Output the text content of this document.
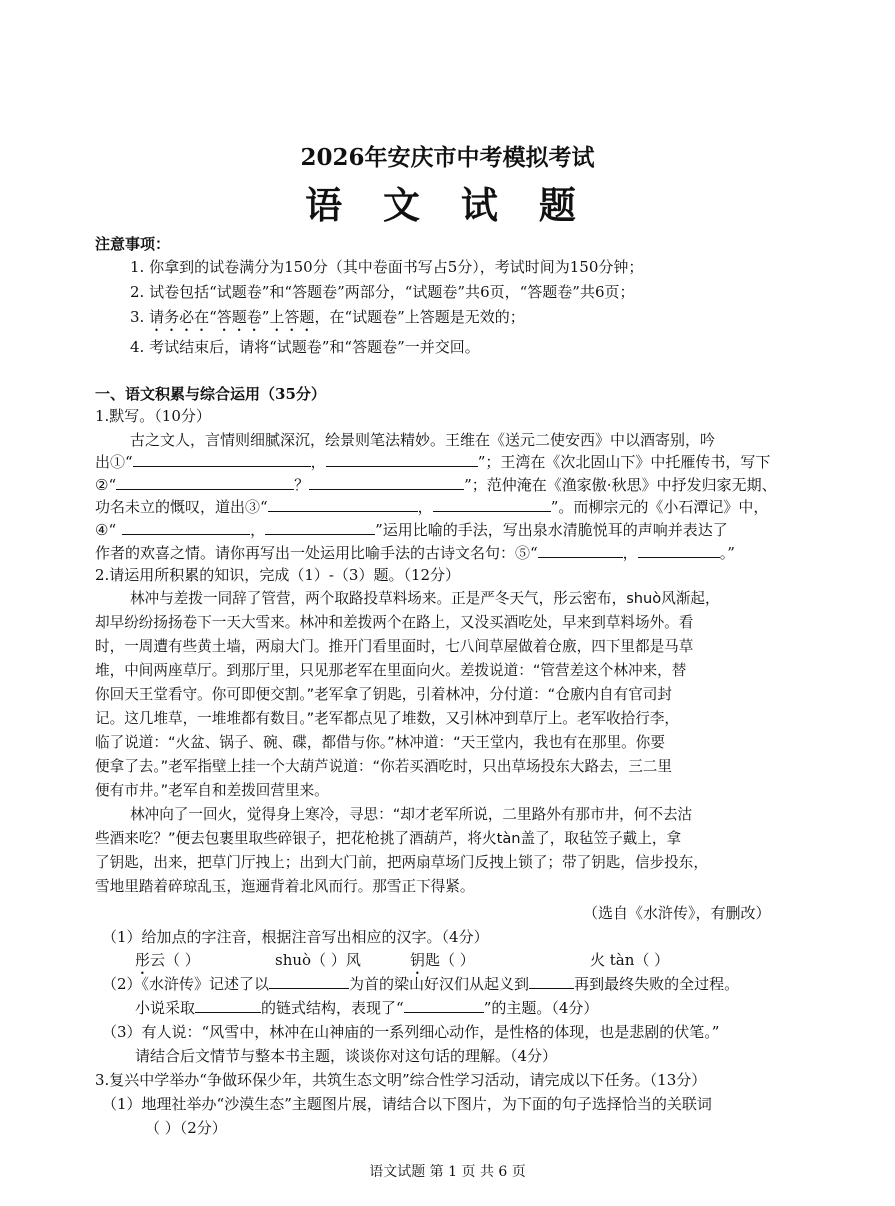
2026年安庆市中考模拟考试
语 文 试 题
注意事项：
1. 你拿到的试卷满分为150分（其中卷面书写占5分），考试时间为150分钟；
2. 试卷包括“试题卷”和“答题卷”两部分，“试题卷”共6页，“答题卷”共6页；
3. 请务必在“答题卷”上答题，在“试题卷”上答题是无效的；
4. 考试结束后，请将“试题卷”和“答题卷”一并交回。
一、语文积累与综合运用（35分）
1.默写。（10分）
古之文人，言情则细腻深沉，绘景则笔法精妙。王维在《送元二使安西》中以酒寄别，吟
出①“	，	”；王湾在《次北固山下》中托雁传书，写下
②“	？	”；范仲淹在《渔家傲·秋思》中抒发归家无期、
功名未立的慨叹，道出③“	，	”。而柳宗元的《小石潭记》中，
④“	，	”运用比喻的手法，写出泉水清脆悦耳的声响并表达了
作者的欢喜之情。请你再写出一处运用比喻手法的古诗文名句：⑤“	，	。”
2.请运用所积累的知识，完成（1）-（3）题。（12分）
林冲与差拨一同辞了管营，两个取路投草料场来。正是严冬天气，彤云密布，shuò风渐起，
却早纷纷扬扬卷下一天大雪来。林冲和差拨两个在路上，又没买酒吃处，早来到草料场外。看
时，一周遭有些黄土墙，两扇大门。推开门看里面时，七八间草屋做着仓廒，四下里都是马草
堆，中间两座草厅。到那厅里，只见那老军在里面向火。差拨说道：“管营差这个林冲来，替
你回天王堂看守。你可即便交割。”老军拿了钥匙，引着林冲，分付道：“仓廒内自有官司封
记。这几堆草，一堆堆都有数目。”老军都点见了堆数，又引林冲到草厅上。老军收拾行李，
临了说道：“火盆、锅子、碗、碟，都借与你。”林冲道：“天王堂内，我也有在那里。你要
便拿了去。”老军指壁上挂一个大葫芦说道：“你若买酒吃时，只出草场投东大路去，三二里
便有市井。”老军自和差拨回营里来。
林冲向了一回火，觉得身上寒冷，寻思：“却才老军所说，二里路外有那市井，何不去沽
些酒来吃？”便去包裹里取些碎银子，把花枪挑了酒葫芦，将火tàn盖了，取毡笠子戴上，拿
了钥匙，出来，把草门厅拽上；出到大门前，把两扇草场门反拽上锁了；带了钥匙，信步投东，
雪地里踏着碎琼乱玉，迤逦背着北风而行。那雪正下得紧。
（选自《水浒传》，有删改）
（1）给加点的字注音，根据注音写出相应的汉字。（4分）
彤云（ ）	shuò（ ）风	钥匙（ ）	火 tàn（ ）
（2）《水浒传》记述了以	为首的梁山好汉们从起义到	再到最终失败的全过程。
小说采取	的链式结构，表现了“	”的主题。（4分）
（3）有人说：“风雪中，林冲在山神庙的一系列细心动作，是性格的体现，也是悲剧的伏笔。”
请结合后文情节与整本书主题，谈谈你对这句话的理解。（4分）
3.复兴中学举办“争做环保少年，共筑生态文明”综合性学习活动，请完成以下任务。（13分）
（1）地理社举办“沙漠生态”主题图片展，请结合以下图片，为下面的句子选择恰当的关联词
（ ）（2分）
语文试题 第 1 页 共 6 页
